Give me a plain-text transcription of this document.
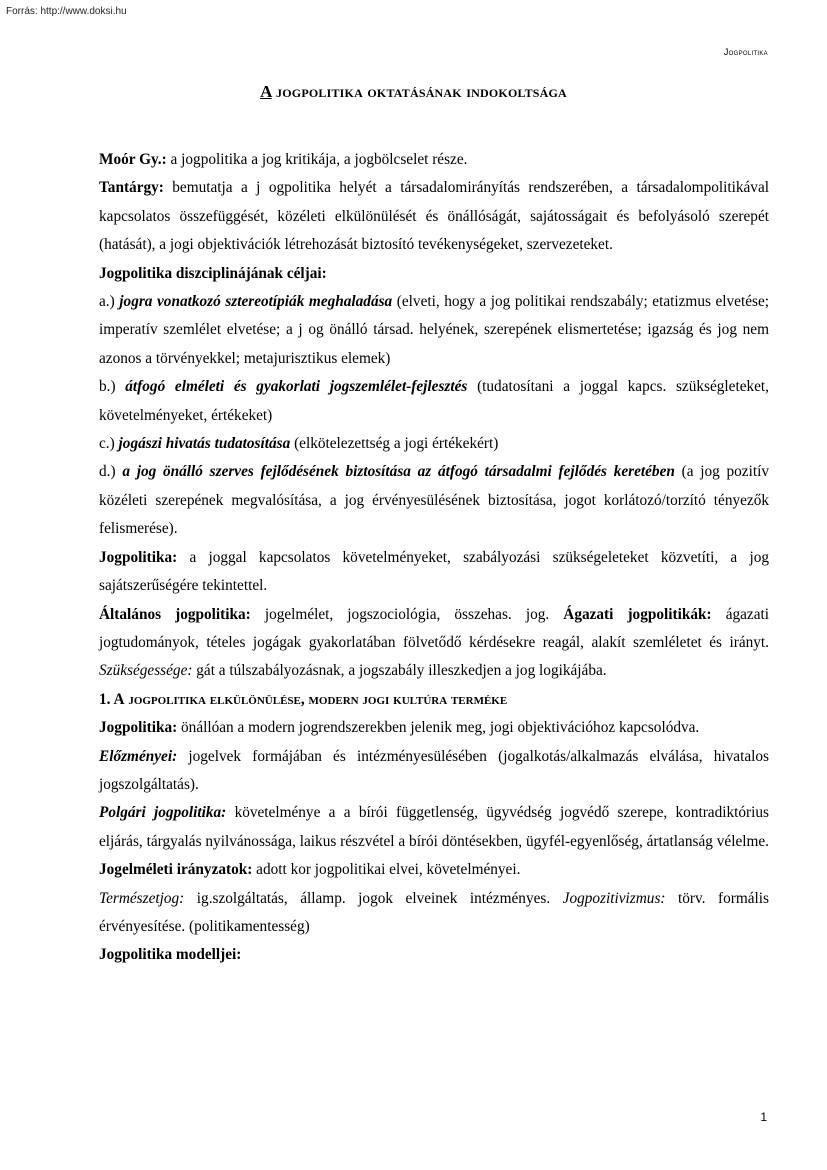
Forrás: http://www.doksi.hu
Jogpolitika
A jogpolitika oktatásának indokoltsága

Moór Gy.: a jogpolitika a jog kritikája, a jogbölcselet része.

Tantárgy: bemutatja a j ogpolitika helyét a társadalomirányítás rendszerében, a társadalompolitikával kapcsolatos összefüggését, közéleti elkülönülését és önállóságát, sajátosságait és befolyásoló szerepét (hatását), a jogi objektivációk létrehozását biztosító tevékenységeket, szervezeteket.

Jogpolitika diszciplinájának céljai:

a.) jogra vonatkozó sztereotípiák meghaladása (elveti, hogy a jog politikai rendszabály; etatizmus elvetése; imperatív szemlélet elvetése; a j og önálló társad. helyének, szerepének elismertetése; igazság és jog nem azonos a törvényekkel; metajurisztikus elemek)

b.) átfogó elméleti és gyakorlati jogszemlélet-fejlesztés (tudatosítani a joggal kapcs. szükségleteket, követelményeket, értékeket)

c.) jogászi hivatás tudatosítása (elkötelezettség a jogi értékekért)

d.) a jog önálló szerves fejlődésének biztosítása az átfogó társadalmi fejlődés keretében (a jog pozitív közéleti szerepének megvalósítása, a jog érvényesülésének biztosítása, jogot korlátozó/torzító tényezők felismerése).

Jogpolitika: a joggal kapcsolatos követelményeket, szabályozási szükségeleteket közvetíti, a jog sajátszerűségére tekintettel.

Általános jogpolitika: jogelmélet, jogszociológia, összehas. jog. Ágazati jogpolitikák: ágazati jogtudományok, tételes jogágak gyakorlatában fölvetődő kérdésekre reagál, alakít szemléletet és irányt. Szükségessége: gát a túlszabályozásnak, a jogszabály illeszkedjen a jog logikájába.

1. A jogpolitika elkülönülése, modern jogi kultúra terméke

Jogpolitika: önállóan a modern jogrendszerekben jelenik meg, jogi objektivációhoz kapcsolódva.

Előzményei: jogelvek formájában és intézményesülésében (jogalkotás/alkalmazás elválása, hivatalos jogszolgáltatás).

Polgári jogpolitika: követelménye a a bírói függetlenség, ügyvédség jogvédő szerepe, kontradiktórius eljárás, tárgyalás nyilvánossága, laikus részvétel a bírói döntésekben, ügyfél-egyenlőség, ártatlanság vélelme. Jogelméleti irányzatok: adott kor jogpolitikai elvei, követelményei.

Természetjog: ig.szolgáltatás, államp. jogok elveinek intézményes. Jogpozitivizmus: törv. formális érvényesítése. (politikamentesség)

Jogpolitika modelljei:

1
